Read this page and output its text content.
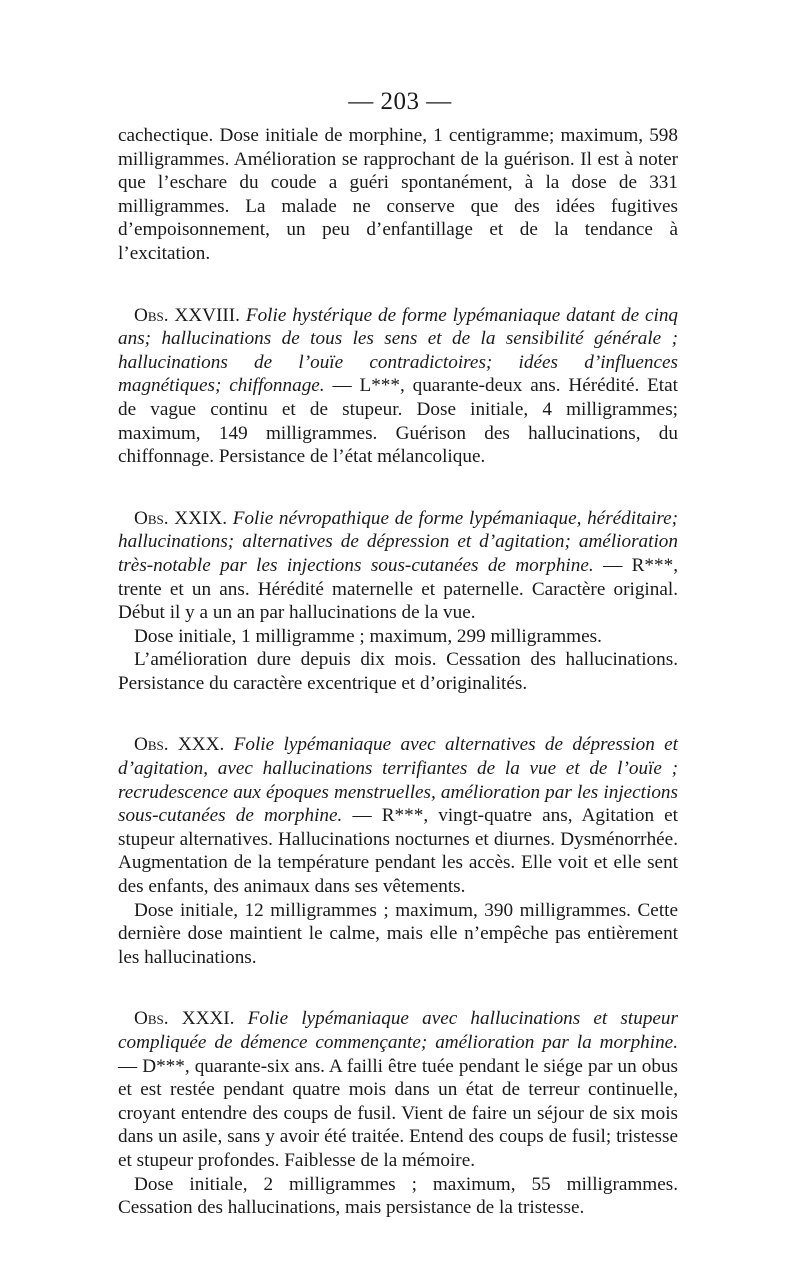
— 203 —

cachectique. Dose initiale de morphine, 1 centigramme; maximum, 598 milligrammes. Amélioration se rapprochant de la guérison. Il est à noter que l’eschare du coude a guéri spontanément, à la dose de 331 milligrammes. La malade ne conserve que des idées fugitives d’empoisonnement, un peu d’enfantillage et de la tendance à l’excitation.

Obs. XXVIII. Folie hystérique de forme lypémaniaque datant de cinq ans; hallucinations de tous les sens et de la sensibilité générale ; hallucinations de l’ouïe contradictoires; idées d’influences magnétiques; chiffonnage. — L***, quarante-deux ans. Hérédité. Etat de vague continu et de stupeur. Dose initiale, 4 milligrammes; maximum, 149 milligrammes. Guérison des hallucinations, du chiffonnage. Persistance de l’état mélancolique.

Obs. XXIX. Folie névropathique de forme lypémaniaque, héréditaire; hallucinations; alternatives de dépression et d’agitation; amélioration très-notable par les injections sous-cutanées de morphine. — R***, trente et un ans. Hérédité maternelle et paternelle. Caractère original. Début il y a un an par hallucinations de la vue.

Dose initiale, 1 milligramme ; maximum, 299 milligrammes.

L’amélioration dure depuis dix mois. Cessation des hallucinations. Persistance du caractère excentrique et d’originalités.

Obs. XXX. Folie lypémaniaque avec alternatives de dépression et d’agitation, avec hallucinations terrifiantes de la vue et de l’ouïe ; recrudescence aux époques menstruelles, amélioration par les injections sous-cutanées de morphine. — R***, vingt-quatre ans, Agitation et stupeur alternatives. Hallucinations nocturnes et diurnes. Dysménorrhée. Augmentation de la température pendant les accès. Elle voit et elle sent des enfants, des animaux dans ses vêtements.

Dose initiale, 12 milligrammes ; maximum, 390 milligrammes. Cette dernière dose maintient le calme, mais elle n’empêche pas entièrement les hallucinations.

Obs. XXXI. Folie lypémaniaque avec hallucinations et stupeur compliquée de démence commençante; amélioration par la morphine. — D***, quarante-six ans. A failli être tuée pendant le siége par un obus et est restée pendant quatre mois dans un état de terreur continuelle, croyant entendre des coups de fusil. Vient de faire un séjour de six mois dans un asile, sans y avoir été traitée. Entend des coups de fusil; tristesse et stupeur profondes. Faiblesse de la mémoire.

Dose initiale, 2 milligrammes ; maximum, 55 milligrammes. Cessation des hallucinations, mais persistance de la tristesse.
